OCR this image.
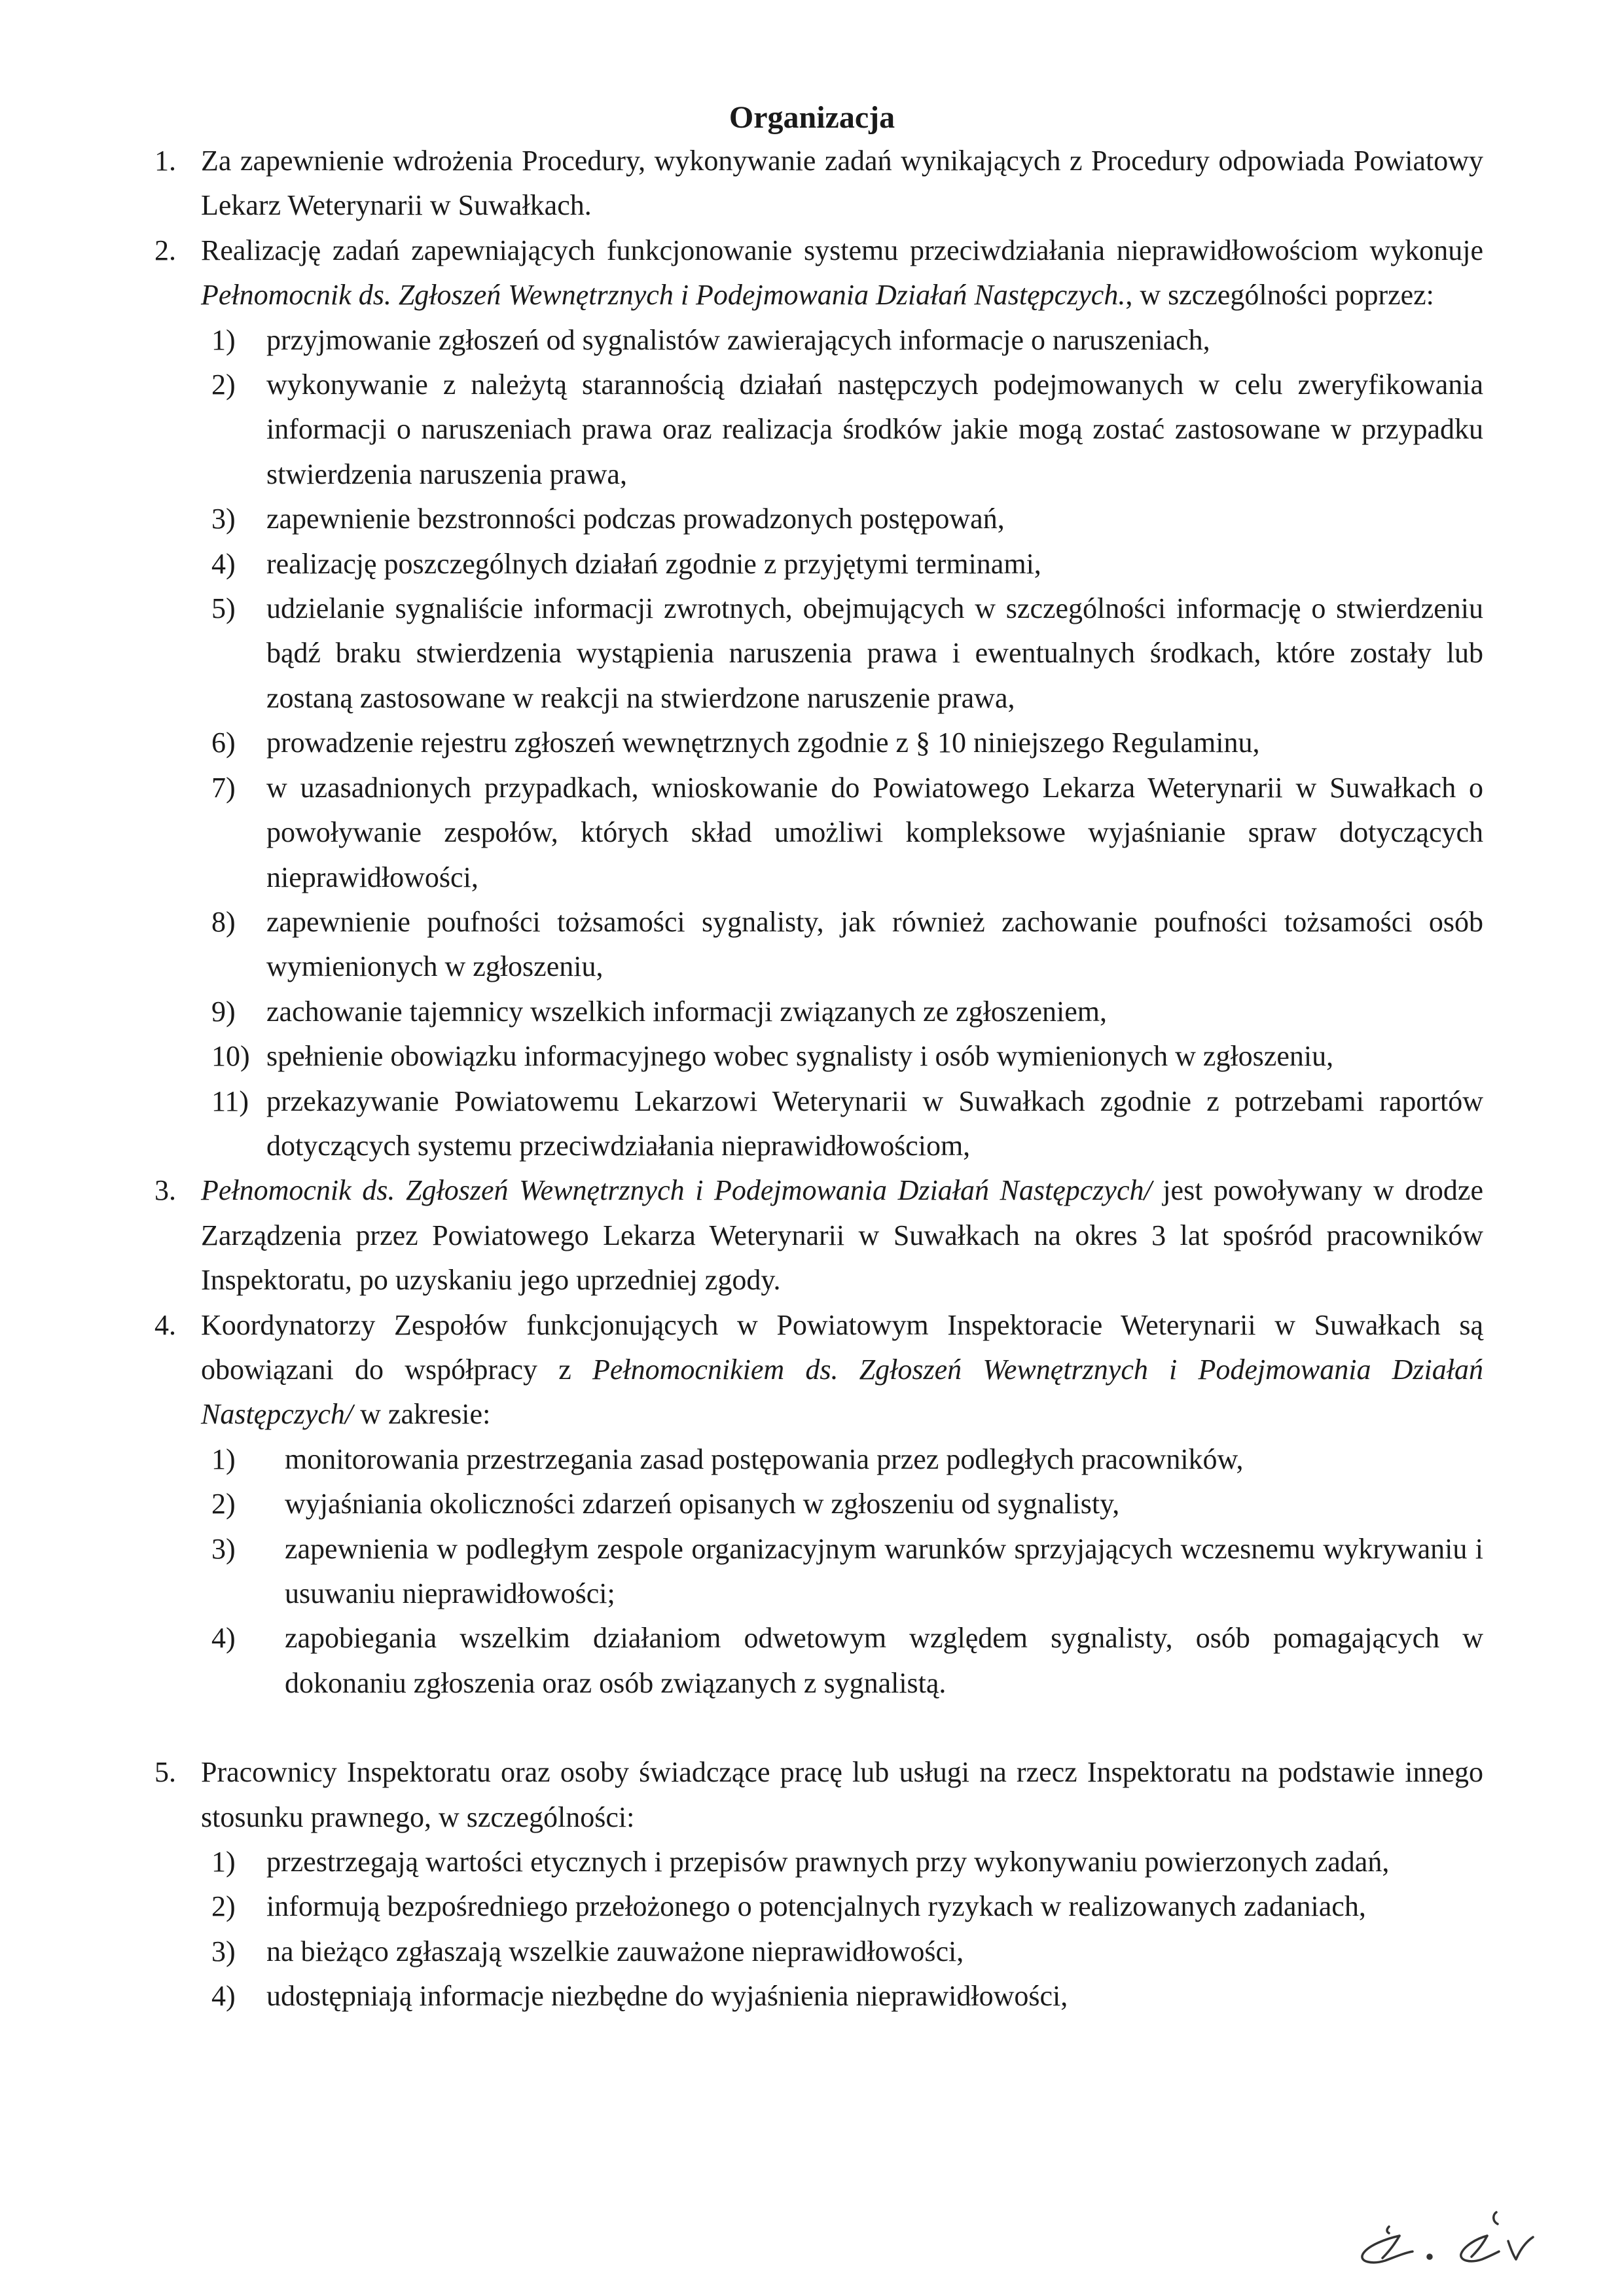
Organizacja
1. Za zapewnienie wdrożenia Procedury, wykonywanie zadań wynikających z Procedury odpowiada Powiatowy Lekarz Weterynarii w Suwałkach.
2. Realizację zadań zapewniających funkcjonowanie systemu przeciwdziałania nieprawidłowościom wykonuje Pełnomocnik ds. Zgłoszeń Wewnętrznych i Podejmowania Działań Następczych., w szczególności poprzez:
1)	przyjmowanie zgłoszeń od sygnalistów zawierających informacje o naruszeniach,
2)	wykonywanie z należytą starannością działań następczych podejmowanych w celu zweryfikowania informacji o naruszeniach prawa oraz realizacja środków jakie mogą zostać zastosowane w przypadku stwierdzenia naruszenia prawa,
3)	zapewnienie bezstronności podczas prowadzonych postępowań,
4)	realizację poszczególnych działań zgodnie z przyjętymi terminami,
5)	udzielanie sygnaliście informacji zwrotnych, obejmujących w szczególności informację o stwierdzeniu bądź braku stwierdzenia wystąpienia naruszenia prawa i ewentualnych środkach, które zostały lub zostaną zastosowane w reakcji na stwierdzone naruszenie prawa,
6)	prowadzenie rejestru zgłoszeń wewnętrznych zgodnie z § 10 niniejszego Regulaminu,
7)	w uzasadnionych przypadkach, wnioskowanie do Powiatowego Lekarza Weterynarii w Suwałkach o powoływanie zespołów, których skład umożliwi kompleksowe wyjaśnianie spraw dotyczących nieprawidłowości,
8)	zapewnienie poufności tożsamości sygnalisty, jak również zachowanie poufności tożsamości osób wymienionych w zgłoszeniu,
9)	zachowanie tajemnicy wszelkich informacji związanych ze zgłoszeniem,
10) spełnienie obowiązku informacyjnego wobec sygnalisty i osób wymienionych w zgłoszeniu,
11) przekazywanie Powiatowemu Lekarzowi Weterynarii w Suwałkach zgodnie z potrzebami raportów dotyczących systemu przeciwdziałania nieprawidłowościom,
3. Pełnomocnik ds. Zgłoszeń Wewnętrznych i Podejmowania Działań Następczych/ jest powoływany w drodze Zarządzenia przez Powiatowego Lekarza Weterynarii w Suwałkach na okres 3 lat spośród pracowników Inspektoratu, po uzyskaniu jego uprzedniej zgody.
4. Koordynatorzy Zespołów funkcjonujących w Powiatowym Inspektoracie Weterynarii w Suwałkach są obowiązani do współpracy z Pełnomocnikiem ds. Zgłoszeń Wewnętrznych i Podejmowania Działań Następczych/ w zakresie:
1)	monitorowania przestrzegania zasad postępowania przez podległych pracowników,
2)	wyjaśniania okoliczności zdarzeń opisanych w zgłoszeniu od sygnalisty,
3)	zapewnienia w podległym zespole organizacyjnym warunków sprzyjających wczesnemu wykrywaniu i usuwaniu nieprawidłowości;
4)	zapobiegania wszelkim działaniom odwetowym względem sygnalisty, osób pomagających w dokonaniu zgłoszenia oraz osób związanych z sygnalistą.
5. Pracownicy Inspektoratu oraz osoby świadczące pracę lub usługi na rzecz Inspektoratu na podstawie innego stosunku prawnego, w szczególności:
1)	przestrzegają wartości etycznych i przepisów prawnych przy wykonywaniu powierzonych zadań,
2)	informują bezpośredniego przełożonego o potencjalnych ryzykach w realizowanych zadaniach,
3)	na bieżąco zgłaszają wszelkie zauważone nieprawidłowości,
4)	udostępniają informacje niezbędne do wyjaśnienia nieprawidłowości,
